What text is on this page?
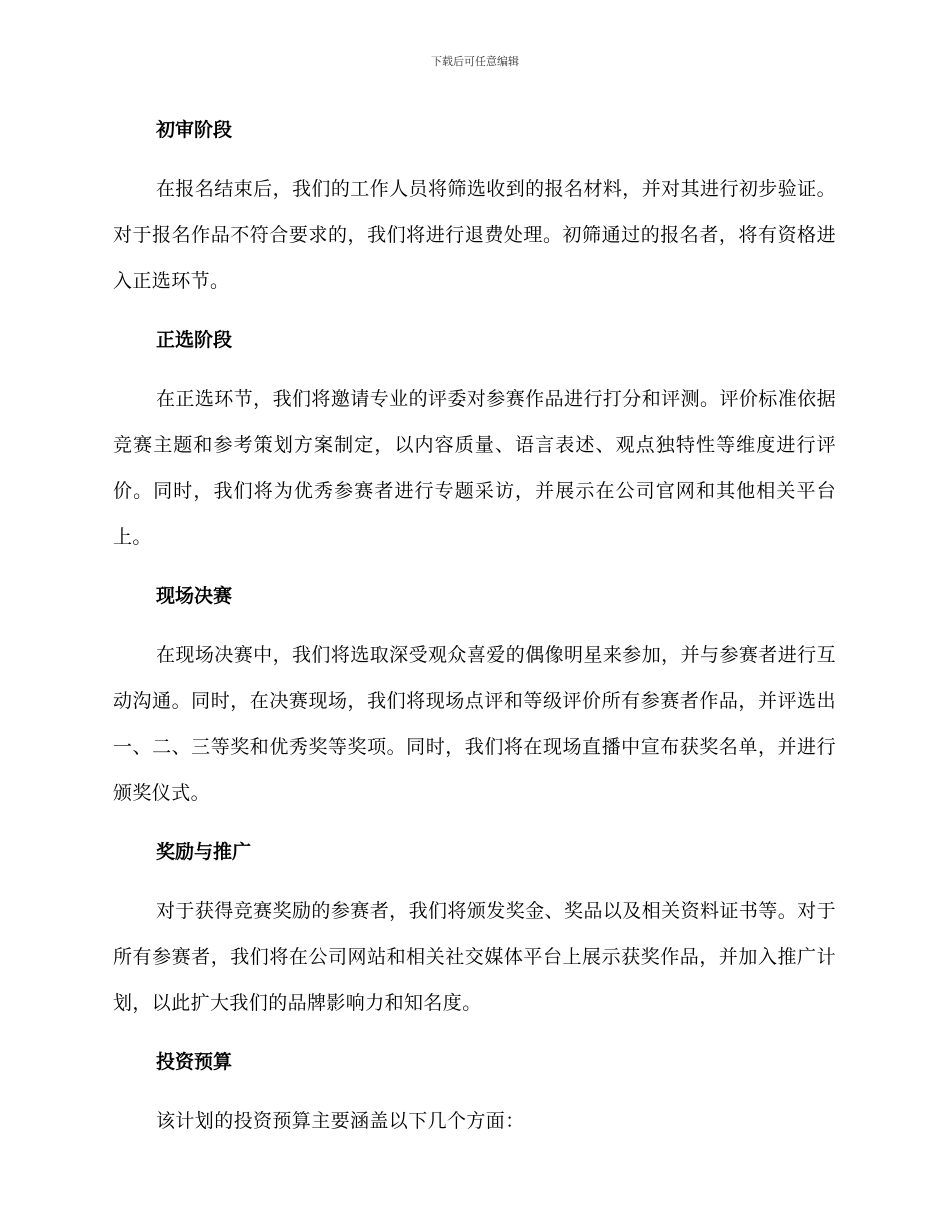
下载后可任意编辑
初审阶段

在报名结束后，我们的工作人员将筛选收到的报名材料，并对其进行初步验证。对于报名作品不符合要求的，我们将进行退费处理。初筛通过的报名者，将有资格进入正选环节。

正选阶段

在正选环节，我们将邀请专业的评委对参赛作品进行打分和评测。评价标准依据竞赛主题和参考策划方案制定，以内容质量、语言表述、观点独特性等维度进行评价。同时，我们将为优秀参赛者进行专题采访，并展示在公司官网和其他相关平台上。

现场决赛

在现场决赛中，我们将选取深受观众喜爱的偶像明星来参加，并与参赛者进行互动沟通。同时，在决赛现场，我们将现场点评和等级评价所有参赛者作品，并评选出一、二、三等奖和优秀奖等奖项。同时，我们将在现场直播中宣布获奖名单，并进行颁奖仪式。

奖励与推广

对于获得竞赛奖励的参赛者，我们将颁发奖金、奖品以及相关资料证书等。对于所有参赛者，我们将在公司网站和相关社交媒体平台上展示获奖作品，并加入推广计划，以此扩大我们的品牌影响力和知名度。

投资预算

该计划的投资预算主要涵盖以下几个方面：
